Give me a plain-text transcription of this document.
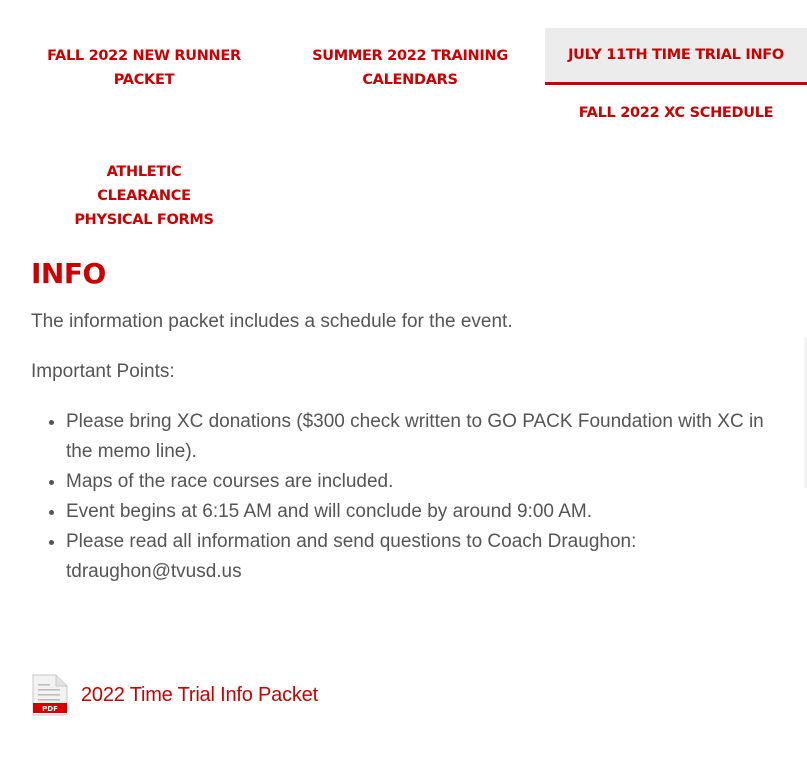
FALL 2022 NEW RUNNER PACKET
SUMMER 2022 TRAINING CALENDARS
JULY 11TH TIME TRIAL INFO
FALL 2022 XC SCHEDULE
ATHLETIC CLEARANCE PHYSICAL FORMS
INFO

The information packet includes a schedule for the event.

Important Points:

• Please bring XC donations ($300 check written to GO PACK Foundation with XC in the memo line).
• Maps of the race courses are included.
• Event begins at 6:15 AM and will conclude by around 9:00 AM.
• Please read all information and send questions to Coach Draughon: tdraughon@tvusd.us
PDF
2022 Time Trial Info Packet
